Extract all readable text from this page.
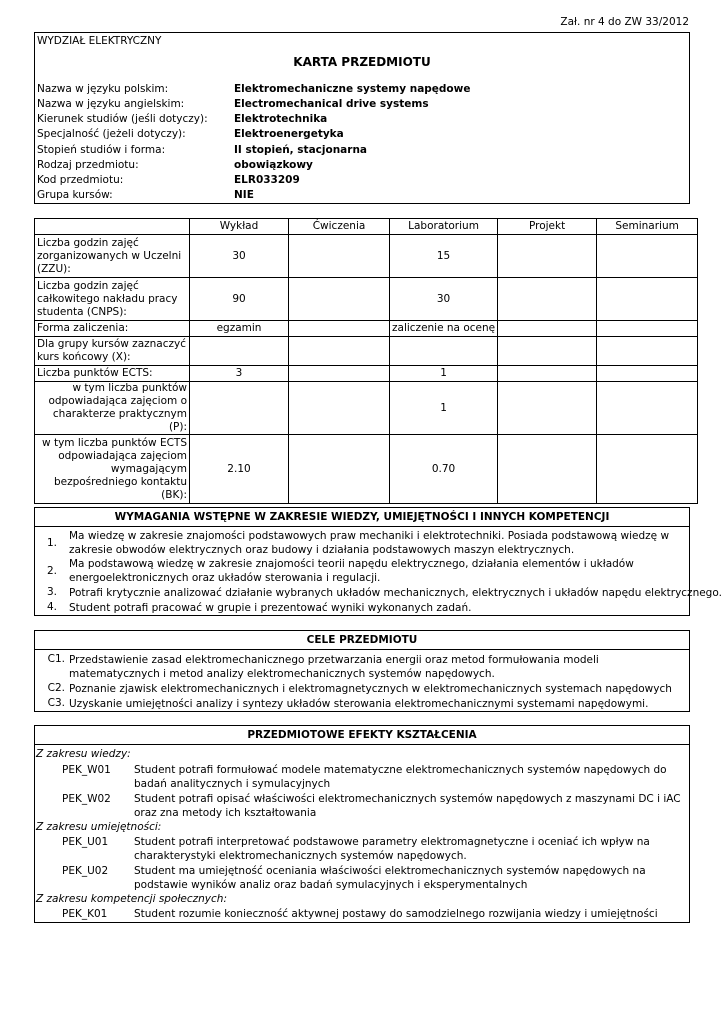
Zał. nr 4 do ZW 33/2012
WYDZIAŁ ELEKTRYCZNY
KARTA PRZEDMIOTU
Nazwa w języku polskim:	Elektromechaniczne systemy napędowe
Nazwa w języku angielskim:	Electromechanical drive systems
Kierunek studiów (jeśli dotyczy):	Elektrotechnika
Specjalność (jeżeli dotyczy):	Elektroenergetyka
Stopień studiów i forma:	II stopień, stacjonarna
Rodzaj przedmiotu:	obowiązkowy
Kod przedmiotu:	ELR033209
Grupa kursów:	NIE
	Wykład	Ćwiczenia	Laboratorium	Projekt	Seminarium
Liczba godzin zajęć zorganizowanych w Uczelni (ZZU):	30		15		
Liczba godzin zajęć całkowitego nakładu pracy studenta (CNPS):	90		30		
Forma zaliczenia:	egzamin		zaliczenie na ocenę		
Dla grupy kursów zaznaczyć kurs końcowy (X):					
Liczba punktów ECTS:	3		1		
w tym liczba punktów odpowiadająca zajęciom o charakterze praktycznym (P):			1		
w tym liczba punktów ECTS odpowiadająca zajęciom wymagającym bezpośredniego kontaktu (BK):	2.10		0.70		
WYMAGANIA WSTĘPNE W ZAKRESIE WIEDZY, UMIEJĘTNOŚCI I INNYCH KOMPETENCJI
1.
Ma wiedzę w zakresie znajomości podstawowych praw mechaniki i elektrotechniki. Posiada podstawową wiedzę w zakresie obwodów elektrycznych oraz budowy i działania podstawowych maszyn elektrycznych.
2.
Ma podstawową wiedzę w zakresie znajomości teorii napędu elektrycznego, działania elementów i układów energoelektronicznych oraz układów sterowania i regulacji.
3. Potrafi krytycznie analizować działanie wybranych układów mechanicznych, elektrycznych i układów napędu elektrycznego.
4. Student potrafi pracować w grupie i prezentować wyniki wykonanych zadań.
CELE PRZEDMIOTU
C1. Przedstawienie zasad elektromechanicznego przetwarzania energii oraz metod formułowania modeli matematycznych i metod analizy elektromechanicznych systemów napędowych.
C2. Poznanie zjawisk elektromechanicznych i elektromagnetycznych w elektromechanicznych systemach napędowych
C3. Uzyskanie umiejętności analizy i syntezy układów sterowania elektromechanicznymi systemami napędowymi.
PRZEDMIOTOWE EFEKTY KSZTAŁCENIA
Z zakresu wiedzy:
PEK_W01 Student potrafi formułować modele matematyczne elektromechanicznych systemów napędowych do badań analitycznych i symulacyjnych
PEK_W02 Student potrafi opisać właściwości elektromechanicznych systemów napędowych z maszynami DC i iAC oraz zna metody ich kształtowania
Z zakresu umiejętności:
PEK_U01 Student potrafi interpretować podstawowe parametry elektromagnetyczne i oceniać ich wpływ na charakterystyki elektromechanicznych systemów napędowych.
PEK_U02 Student ma umiejętność oceniania właściwości elektromechanicznych systemów napędowych na podstawie wyników analiz oraz badań symulacyjnych i eksperymentalnych
Z zakresu kompetencji społecznych:
PEK_K01	Student rozumie konieczność aktywnej postawy do samodzielnego rozwijania wiedzy i umiejętności
